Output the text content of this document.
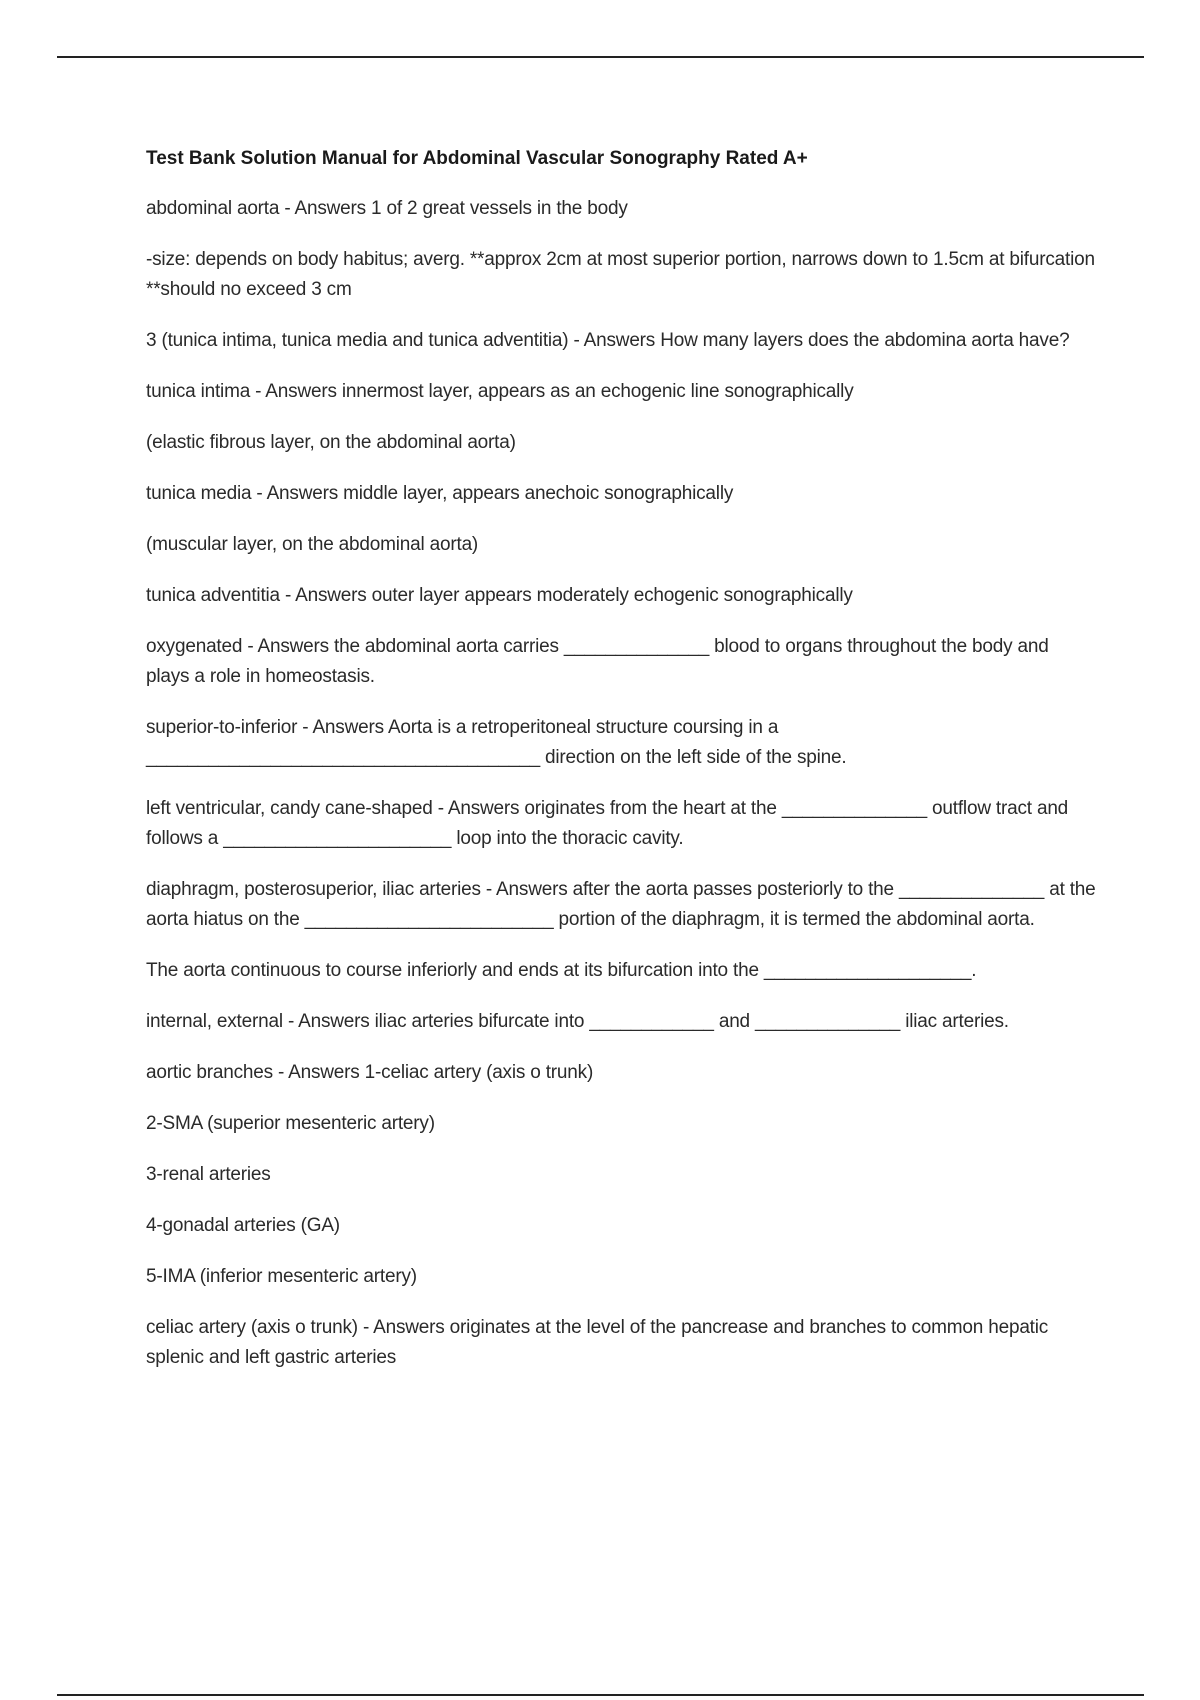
Test Bank Solution Manual for Abdominal Vascular Sonography Rated A+

abdominal aorta - Answers 1 of 2 great vessels in the body

-size: depends on body habitus; averg. **approx 2cm at most superior portion, narrows down to 1.5cm at bifurcation **should no exceed 3 cm

3 (tunica intima, tunica media and tunica adventitia) - Answers How many layers does the abdomina aorta have?

tunica intima - Answers innermost layer, appears as an echogenic line sonographically

(elastic fibrous layer, on the abdominal aorta)

tunica media - Answers middle layer, appears anechoic sonographically

(muscular layer, on the abdominal aorta)

tunica adventitia - Answers outer layer appears moderately echogenic sonographically

oxygenated - Answers the abdominal aorta carries ______________ blood to organs throughout the body and plays a role in homeostasis.

superior-to-inferior - Answers Aorta is a retroperitoneal structure coursing in a ______________________________________ direction on the left side of the spine.

left ventricular, candy cane-shaped - Answers originates from the heart at the ______________ outflow tract and follows a ______________________ loop into the thoracic cavity.

diaphragm, posterosuperior, iliac arteries - Answers after the aorta passes posteriorly to the ______________ at the aorta hiatus on the ________________________ portion of the diaphragm, it is termed the abdominal aorta.

The aorta continuous to course inferiorly and ends at its bifurcation into the ____________________.

internal, external - Answers iliac arteries bifurcate into ____________ and ______________ iliac arteries.

aortic branches - Answers 1-celiac artery (axis o trunk)

2-SMA (superior mesenteric artery)

3-renal arteries

4-gonadal arteries (GA)

5-IMA (inferior mesenteric artery)

celiac artery (axis o trunk) - Answers originates at the level of the pancrease and branches to common hepatic splenic and left gastric arteries
